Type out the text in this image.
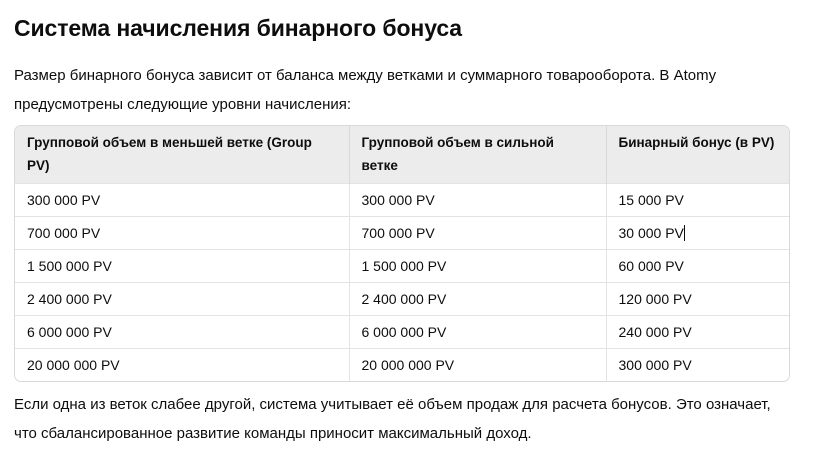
Система начисления бинарного бонуса

Размер бинарного бонуса зависит от баланса между ветками и суммарного товарооборота. В Atomy предусмотрены следующие уровни начисления:

Групповой объем в меньшей ветке (Group PV)	Групповой объем в сильной ветке	Бинарный бонус (в PV)
300 000 PV	300 000 PV	15 000 PV
700 000 PV	700 000 PV	30 000 PV
1 500 000 PV	1 500 000 PV	60 000 PV
2 400 000 PV	2 400 000 PV	120 000 PV
6 000 000 PV	6 000 000 PV	240 000 PV
20 000 000 PV	20 000 000 PV	300 000 PV

Если одна из веток слабее другой, система учитывает её объем продаж для расчета бонусов. Это означает, что сбалансированное развитие команды приносит максимальный доход.
